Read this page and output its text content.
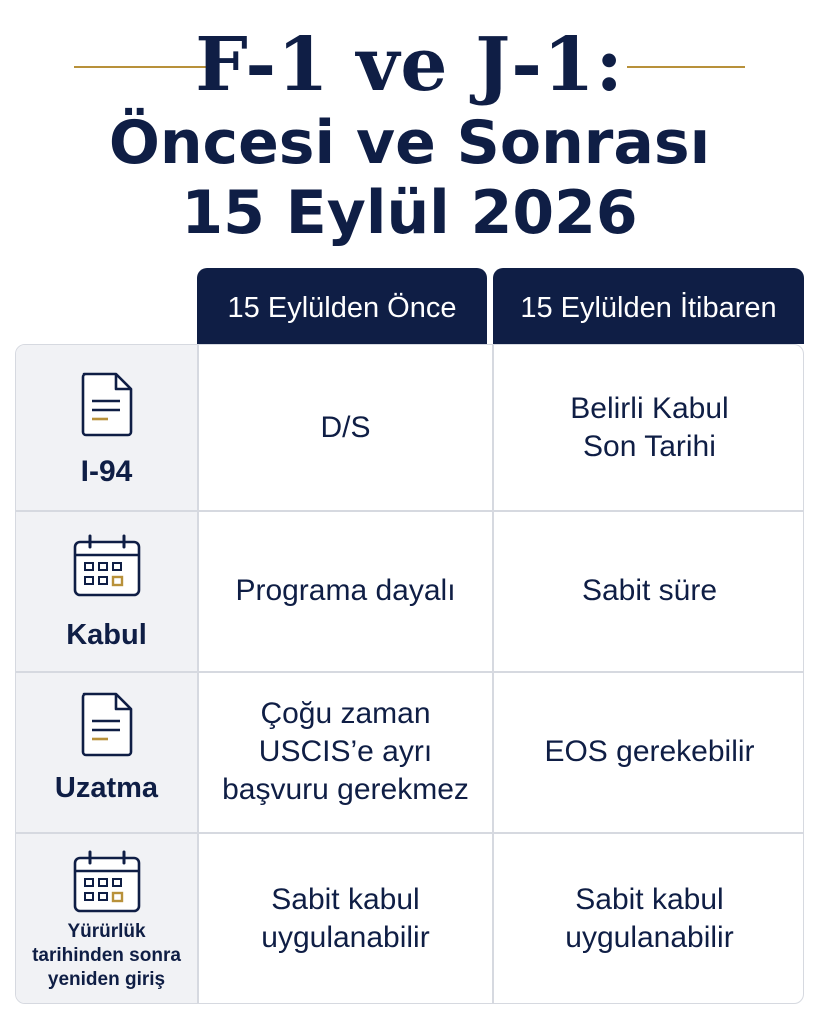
F-1 ve J-1:
Öncesi ve Sonrası
15 Eylül 2026
15 Eylülden Önce	15 Eylülden İtibaren
I-94
D/S
Belirli Kabul
Son Tarihi
Kabul
Programa dayalı	Sabit süre
Uzatma
Çoğu zaman
USCIS’e ayrı
başvuru gerekmez
EOS gerekebilir
Yürürlük
tarihinden sonra
yeniden giriş
Sabit kabul
uygulanabilir
Sabit kabul
uygulanabilir
